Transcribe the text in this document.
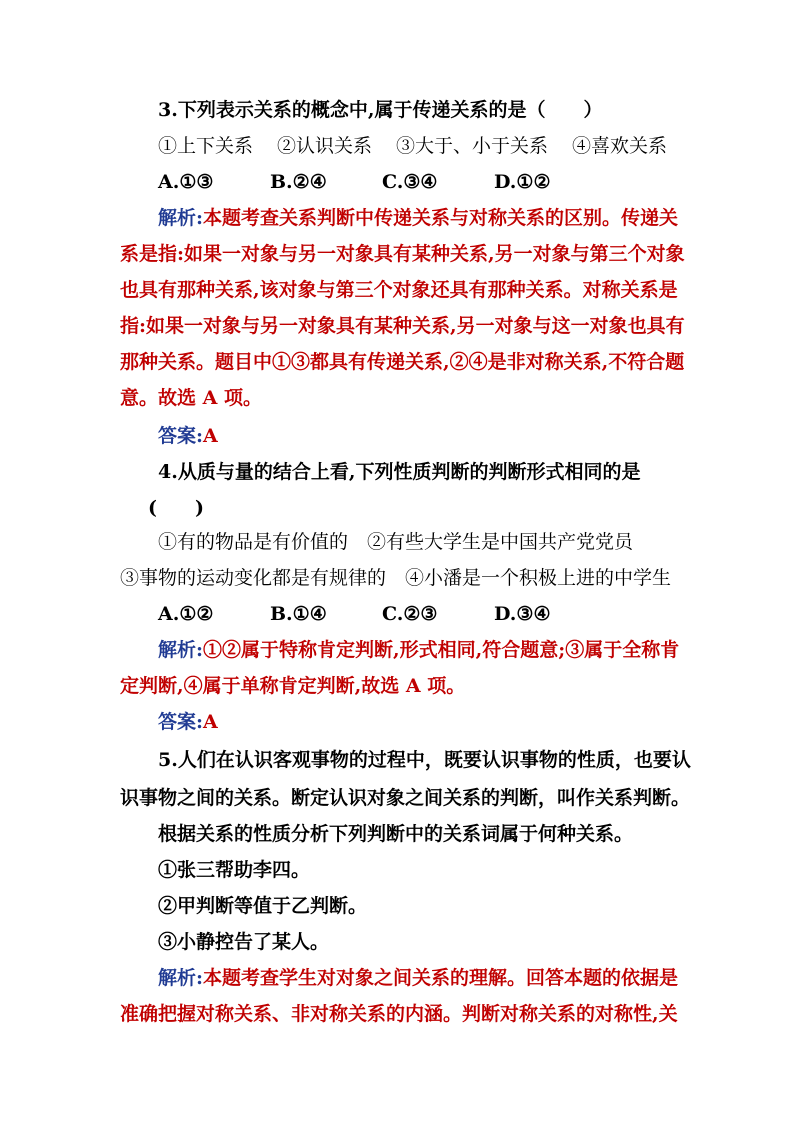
3.下列表示关系的概念中,属于传递关系的是（　　）
①上下关系 ②认识关系 ③大于、小于关系 ④喜欢关系
A.①③	B.②④	C.③④	D.①②
解析:本题考查关系判断中传递关系与对称关系的区别。传递关
系是指:如果一对象与另一对象具有某种关系,另一对象与第三个对象
也具有那种关系,该对象与第三个对象还具有那种关系。对称关系是
指:如果一对象与另一对象具有某种关系,另一对象与这一对象也具有
那种关系。题目中①③都具有传递关系,②④是非对称关系,不符合题
意。故选 A 项。
答案:A
4.从质与量的结合上看,下列性质判断的判断形式相同的是
(　　)
①有的物品是有价值的　②有些大学生是中国共产党党员
③事物的运动变化都是有规律的　④小潘是一个积极上进的中学生
A.①②	B.①④	C.②③	D.③④
解析:①②属于特称肯定判断,形式相同,符合题意;③属于全称肯
定判断,④属于单称肯定判断,故选 A 项。
答案:A
5.人们在认识客观事物的过程中，既要认识事物的性质，也要认
识事物之间的关系。断定认识对象之间关系的判断，叫作关系判断。
根据关系的性质分析下列判断中的关系词属于何种关系。
①张三帮助李四。
②甲判断等值于乙判断。
③小静控告了某人。
解析:本题考查学生对对象之间关系的理解。回答本题的依据是
准确把握对称关系、非对称关系的内涵。判断对称关系的对称性,关
